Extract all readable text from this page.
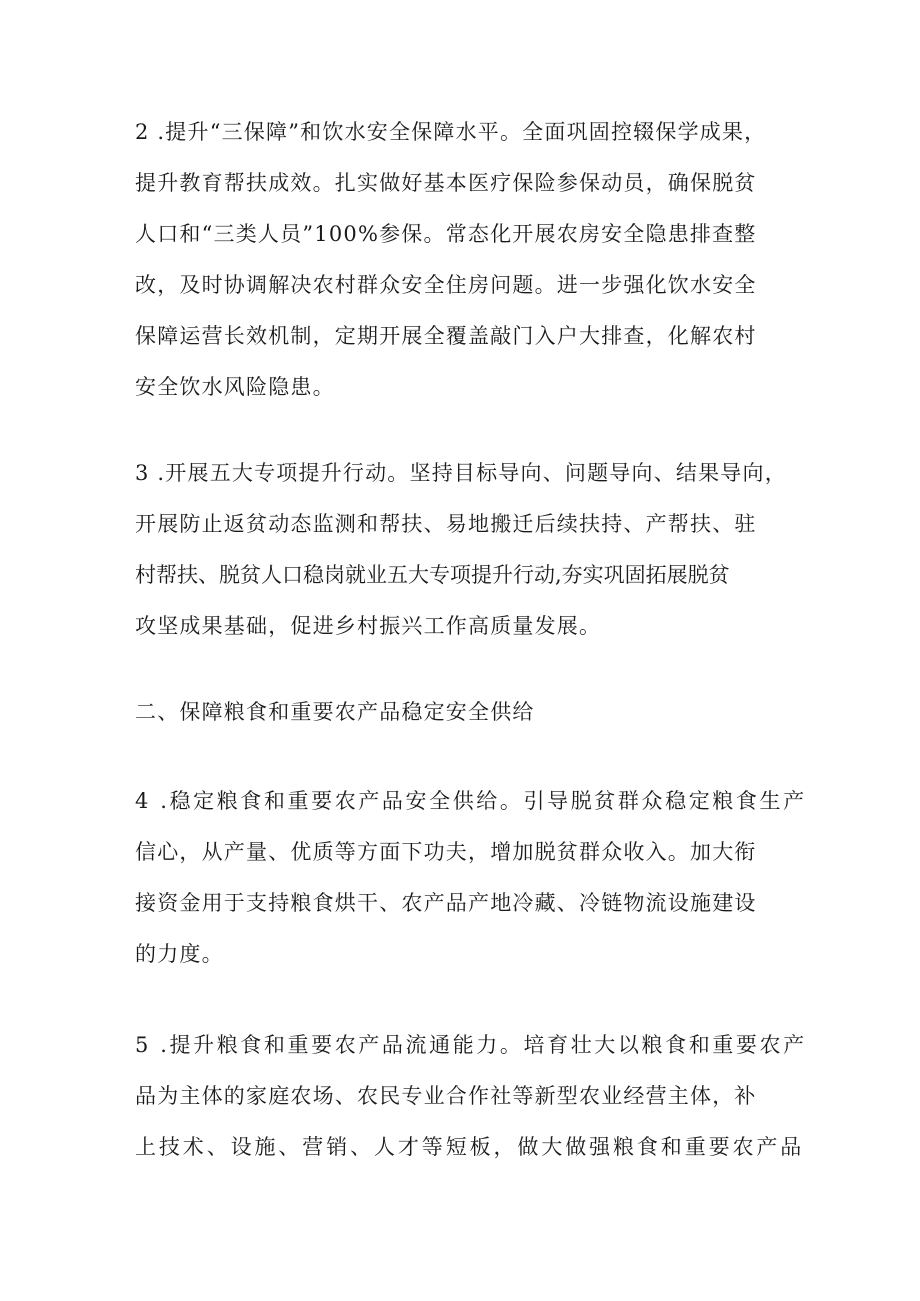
2 .提升“三保障”和饮水安全保障水平。全面巩固控辍保学成果，
提升教育帮扶成效。扎实做好基本医疗保险参保动员，确保脱贫
人口和“三类人员”100%参保。常态化开展农房安全隐患排查整
改，及时协调解决农村群众安全住房问题。进一步强化饮水安全
保障运营长效机制，定期开展全覆盖敲门入户大排查，化解农村
安全饮水风险隐患。
3 .开展五大专项提升行动。坚持目标导向、问题导向、结果导向，
开展防止返贫动态监测和帮扶、易地搬迁后续扶持、产帮扶、驻
村帮扶、脱贫人口稳岗就业五大专项提升行动,夯实巩固拓展脱贫
攻坚成果基础，促进乡村振兴工作高质量发展。
二、保障粮食和重要农产品稳定安全供给
4 .稳定粮食和重要农产品安全供给。引导脱贫群众稳定粮食生产
信心，从产量、优质等方面下功夫，增加脱贫群众收入。加大衔
接资金用于支持粮食烘干、农产品产地冷藏、冷链物流设施建设
的力度。
5 .提升粮食和重要农产品流通能力。培育壮大以粮食和重要农产
品为主体的家庭农场、农民专业合作社等新型农业经营主体，补
上技术、设施、营销、人才等短板，做大做强粮食和重要农产品
